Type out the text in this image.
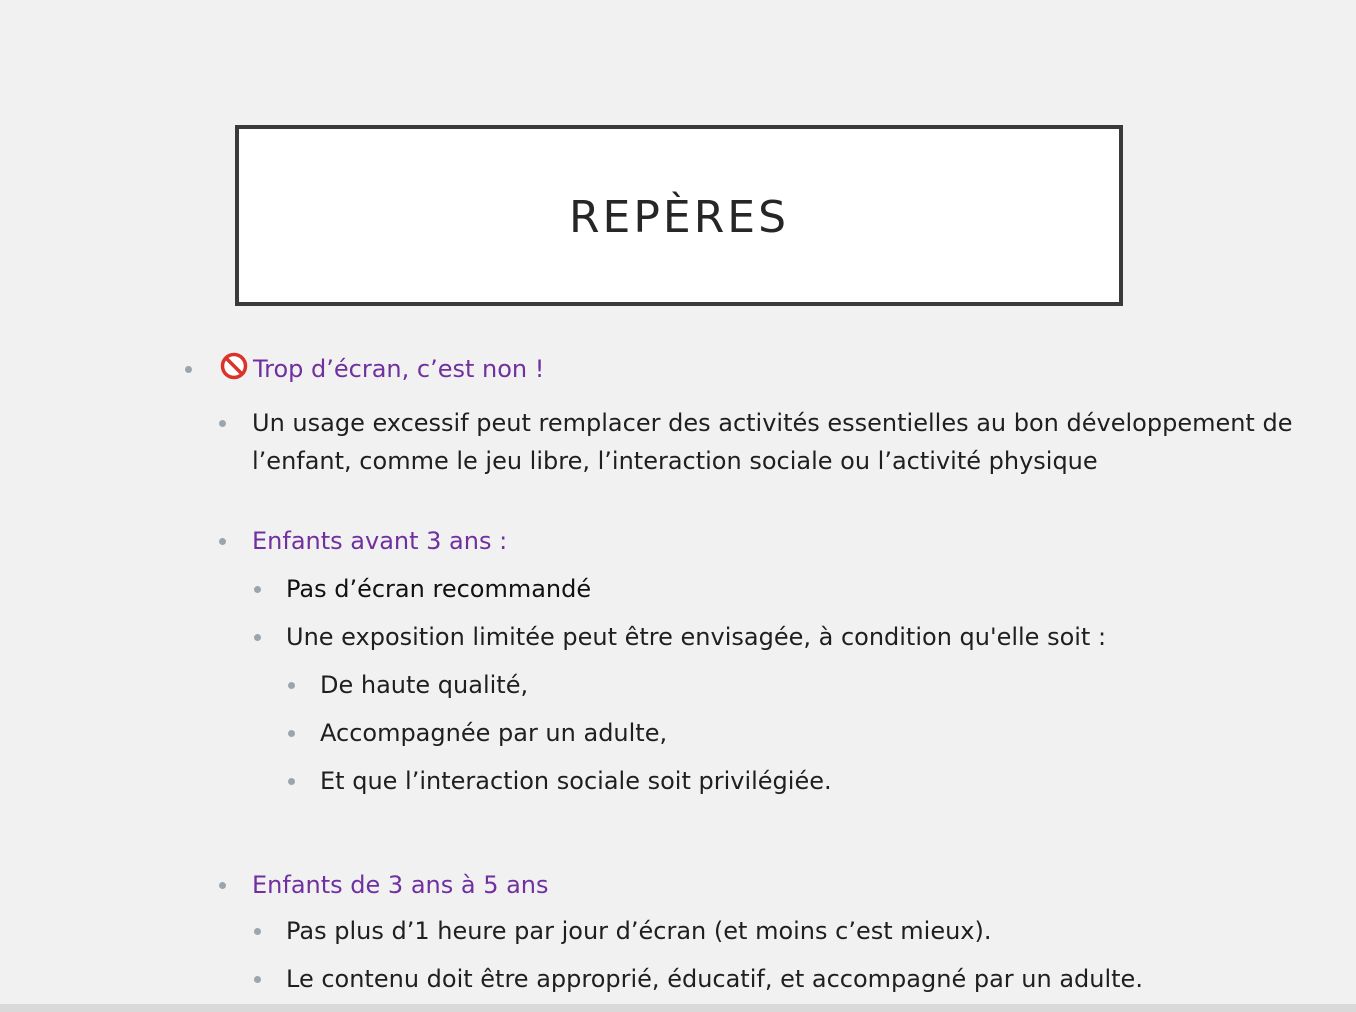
REPÈRES
Trop d’écran, c’est non !
Un usage excessif peut remplacer des activités essentielles au bon développement de
l’enfant, comme le jeu libre, l’interaction sociale ou l’activité physique
Enfants avant 3 ans :
Pas d’écran recommandé
Une exposition limitée peut être envisagée, à condition qu'elle soit :
De haute qualité,
Accompagnée par un adulte,
Et que l’interaction sociale soit privilégiée.
Enfants de 3 ans à 5 ans
Pas plus d’1 heure par jour d’écran (et moins c’est mieux).
Le contenu doit être approprié, éducatif, et accompagné par un adulte.
